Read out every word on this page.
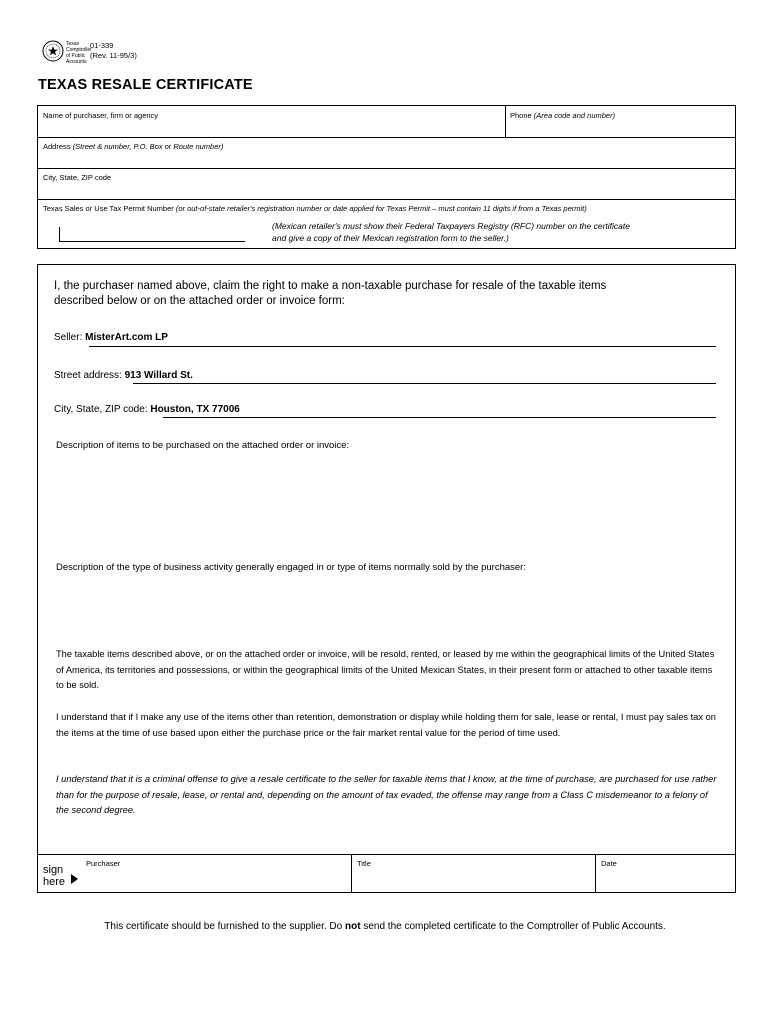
Texas
Comptroller
of Public
Accounts
01-339
(Rev. 11-95/3)
TEXAS RESALE CERTIFICATE
Name of purchaser, firm or agency	Phone (Area code and number)
Address (Street & number, P.O. Box or Route number)
City, State, ZIP code
Texas Sales or Use Tax Permit Number (or out-of-state retailer's registration number or date applied for Texas Permit – must contain 11 digits if from a Texas permit)
(Mexican retailer's must show their Federal Taxpayers Registry (RFC) number on the certificate
and give a copy of their Mexican registration form to the seller.)
I, the purchaser named above, claim the right to make a non-taxable purchase for resale of the taxable items
described below or on the attached order or invoice form:
Seller: MisterArt.com LP
Street address: 913 Willard St.
City, State, ZIP code: Houston, TX 77006
Description of items to be purchased on the attached order or invoice:
Description of the type of business activity generally engaged in or type of items normally sold by the purchaser:
The taxable items described above, or on the attached order or invoice, will be resold, rented, or leased by me within the geographical limits of the United States of America, its territories and possessions, or within the geographical limits of the United Mexican States, in their present form or attached to other taxable items to be sold.
I understand that if I make any use of the items other than retention, demonstration or display while holding them for sale, lease or rental, I must pay sales tax on the items at the time of use based upon either the purchase price or the fair market rental value for the period of time used.
I understand that it is a criminal offense to give a resale certificate to the seller for taxable items that I know, at the time of purchase, are purchased for use rather than for the purpose of resale, lease, or rental and, depending on the amount of tax evaded, the offense may range from a Class C misdemeanor to a felony of the second degree.
sign
here
Purchaser	Title	Date
This certificate should be furnished to the supplier. Do not send the completed certificate to the Comptroller of Public Accounts.
